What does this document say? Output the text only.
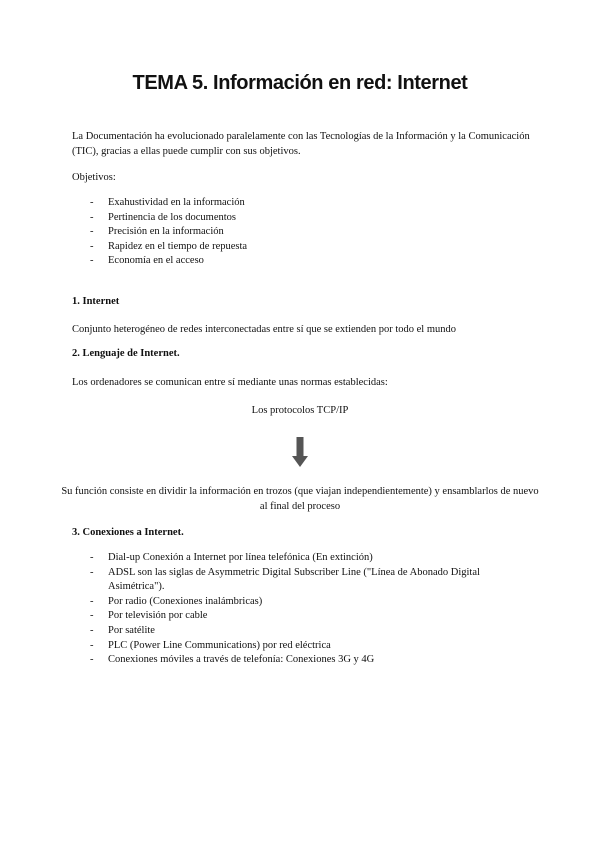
TEMA 5. Información en red: Internet
La Documentación ha evolucionado paralelamente con las Tecnologías de la Información y la Comunicación (TIC), gracias a ellas puede cumplir con sus objetivos.
Objetivos:
- Exahustividad en la información
- Pertinencia de los documentos
- Precisión en la información
- Rapidez en el tiempo de repuesta
- Economía en el acceso
1. Internet
Conjunto heterogéneo de redes interconectadas entre sí que se extienden por todo el mundo
2. Lenguaje de Internet.
Los ordenadores se comunican entre sí mediante unas normas establecidas:
Los protocolos TCP/IP
Su función consiste en dividir la información en trozos (que viajan independientemente) y ensamblarlos de nuevo al final del proceso
3. Conexiones a Internet.
- Dial-up Conexión a Internet por línea telefónica (En extinción)
- ADSL son las siglas de Asymmetric Digital Subscriber Line ("Línea de Abonado Digital Asimétrica").
- Por radio (Conexiones inalámbricas)
- Por televisión por cable
- Por satélite
- PLC (Power Line Communications) por red eléctrica
- Conexiones móviles a través de telefonía: Conexiones 3G y 4G
